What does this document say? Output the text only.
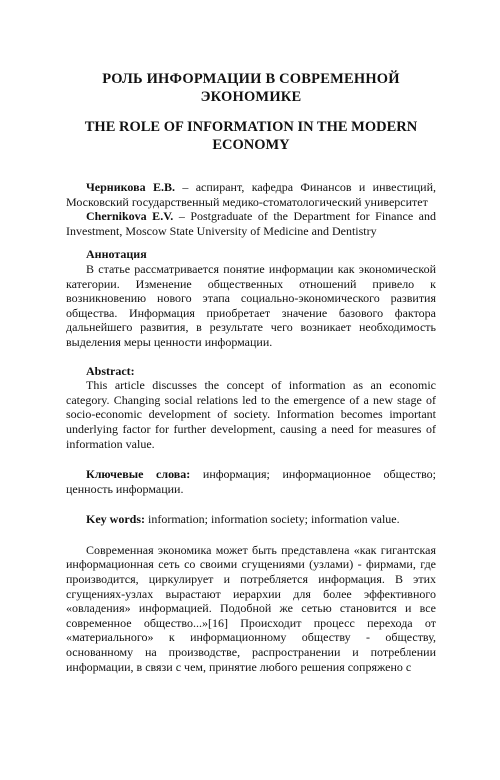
РОЛЬ ИНФОРМАЦИИ В СОВРЕМЕННОЙ ЭКОНОМИКЕ
THE ROLE OF INFORMATION IN THE MODERN ECONOMY

Черникова Е.В. – аспирант, кафедра Финансов и инвестиций, Московский государственный медико-стоматологический университет

Chernikova E.V. – Postgraduate of the Department for Finance and Investment, Moscow State University of Medicine and Dentistry

Аннотация

В статье рассматривается понятие информации как экономической категории. Изменение общественных отношений привело к возникновению нового этапа социально-экономического развития общества. Информация приобретает значение базового фактора дальнейшего развития, в результате чего возникает необходимость выделения меры ценности информации.

Abstract:

This article discusses the concept of information as an economic category. Changing social relations led to the emergence of a new stage of socio-economic development of society. Information becomes important underlying factor for further development, causing a need for measures of information value.

Ключевые слова: информация; информационное общество; ценность информации.

Key words: information; information society; information value.

Современная экономика может быть представлена «как гигантская информационная сеть со своими сгущениями (узлами) - фирмами, где производится, циркулирует и потребляется информация. В этих сгущениях-узлах вырастают иерархии для более эффективного «овладения» информацией. Подобной же сетью становится и все современное общество...»[16] Происходит процесс перехода от «материального» к информационному обществу - обществу, основанному на производстве, распространении и потреблении информации, в связи с чем, принятие любого решения сопряжено с
